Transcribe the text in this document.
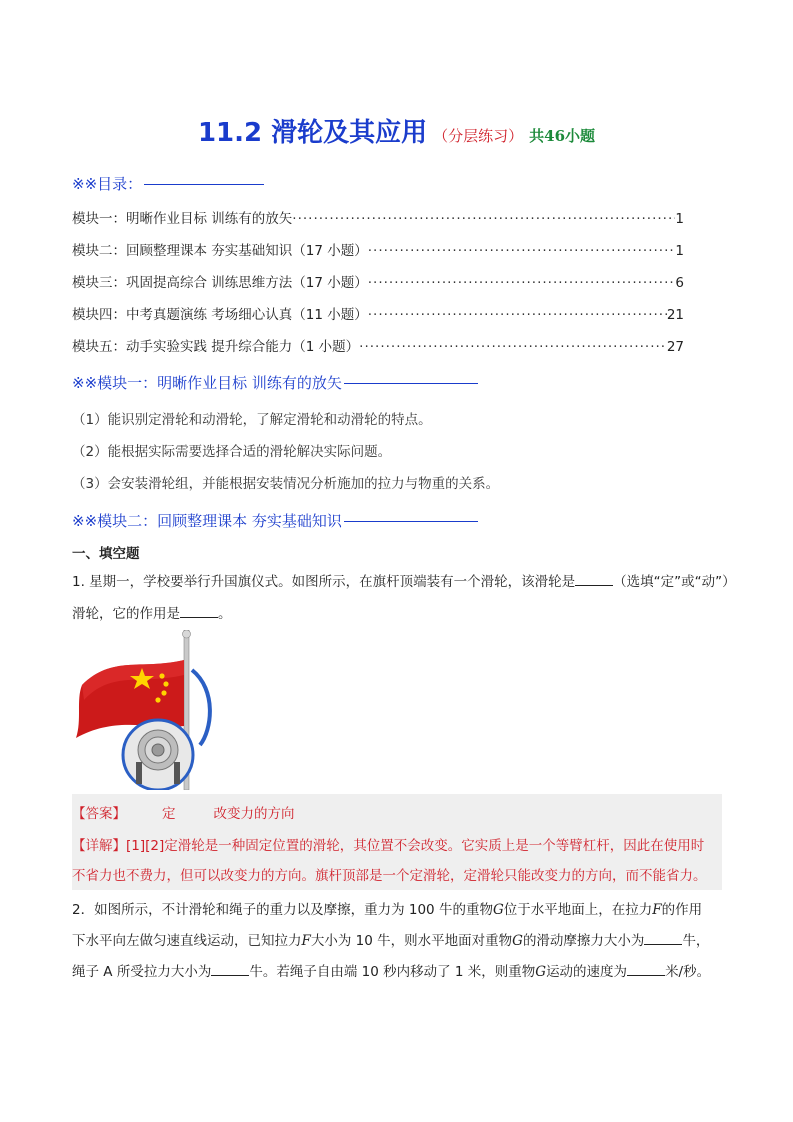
11.2 滑轮及其应用 （分层练习） 共46小题
※※目录：
模块一：明晰作业目标 训练有的放矢 ·····	1
模块二：回顾整理课本 夯实基础知识（17 小题） ·····	1
模块三：巩固提高综合 训练思维方法（17 小题） ·····	6
模块四：中考真题演练 考场细心认真（11 小题） ·····	21
模块五：动手实验实践 提升综合能力（1 小题） ·····	27
※※模块一：明晰作业目标 训练有的放矢
（1）能识别定滑轮和动滑轮，了解定滑轮和动滑轮的特点。
（2）能根据实际需要选择合适的滑轮解决实际问题。
（3）会安装滑轮组，并能根据安装情况分析施加的拉力与物重的关系。
※※模块二：回顾整理课本 夯实基础知识
一、填空题
1. 星期一，学校要举行升国旗仪式。如图所示，在旗杆顶端装有一个滑轮，该滑轮是	（选填“定”或“动”）
滑轮，它的作用是	。
【答案】	定	改变力的方向
【详解】[1][2]定滑轮是一种固定位置的滑轮，其位置不会改变。它实质上是一个等臂杠杆，因此在使用时
不省力也不费力，但可以改变力的方向。旗杆顶部是一个定滑轮，定滑轮只能改变力的方向，而不能省力。
2．如图所示，不计滑轮和绳子的重力以及摩擦，重力为 100 牛的重物G位于水平地面上，在拉力F的作用
下水平向左做匀速直线运动，已知拉力F大小为 10 牛，则水平地面对重物G的滑动摩擦力大小为	牛，
绳子 A 所受拉力大小为	牛。若绳子自由端 10 秒内移动了 1 米，则重物G运动的速度为	米/秒。
